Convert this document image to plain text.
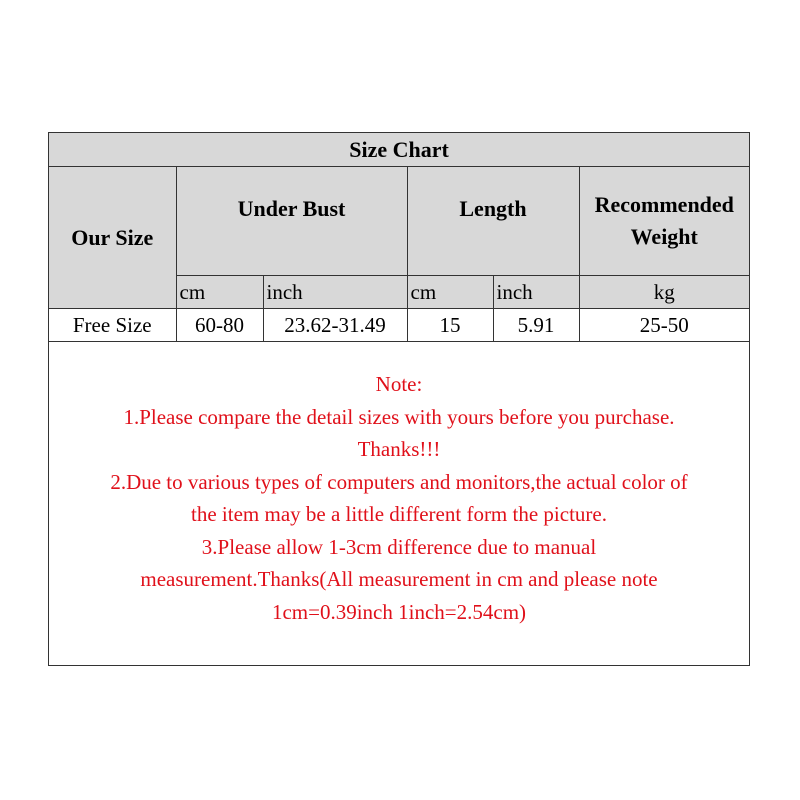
Size Chart					
Our Size	Under Bust		Length		Recommended Weight
	cm	inch	cm	inch	kg
Free Size	60-80	23.62-31.49	15	5.91	25-50
Note:
1.Please compare the detail sizes with yours before you purchase.
Thanks!!!
2.Due to various types of computers and monitors,the actual color of
the item may be a little different form the picture.
3.Please allow 1-3cm difference due to manual
measurement.Thanks(All measurement in cm and please note
1cm=0.39inch 1inch=2.54cm)
